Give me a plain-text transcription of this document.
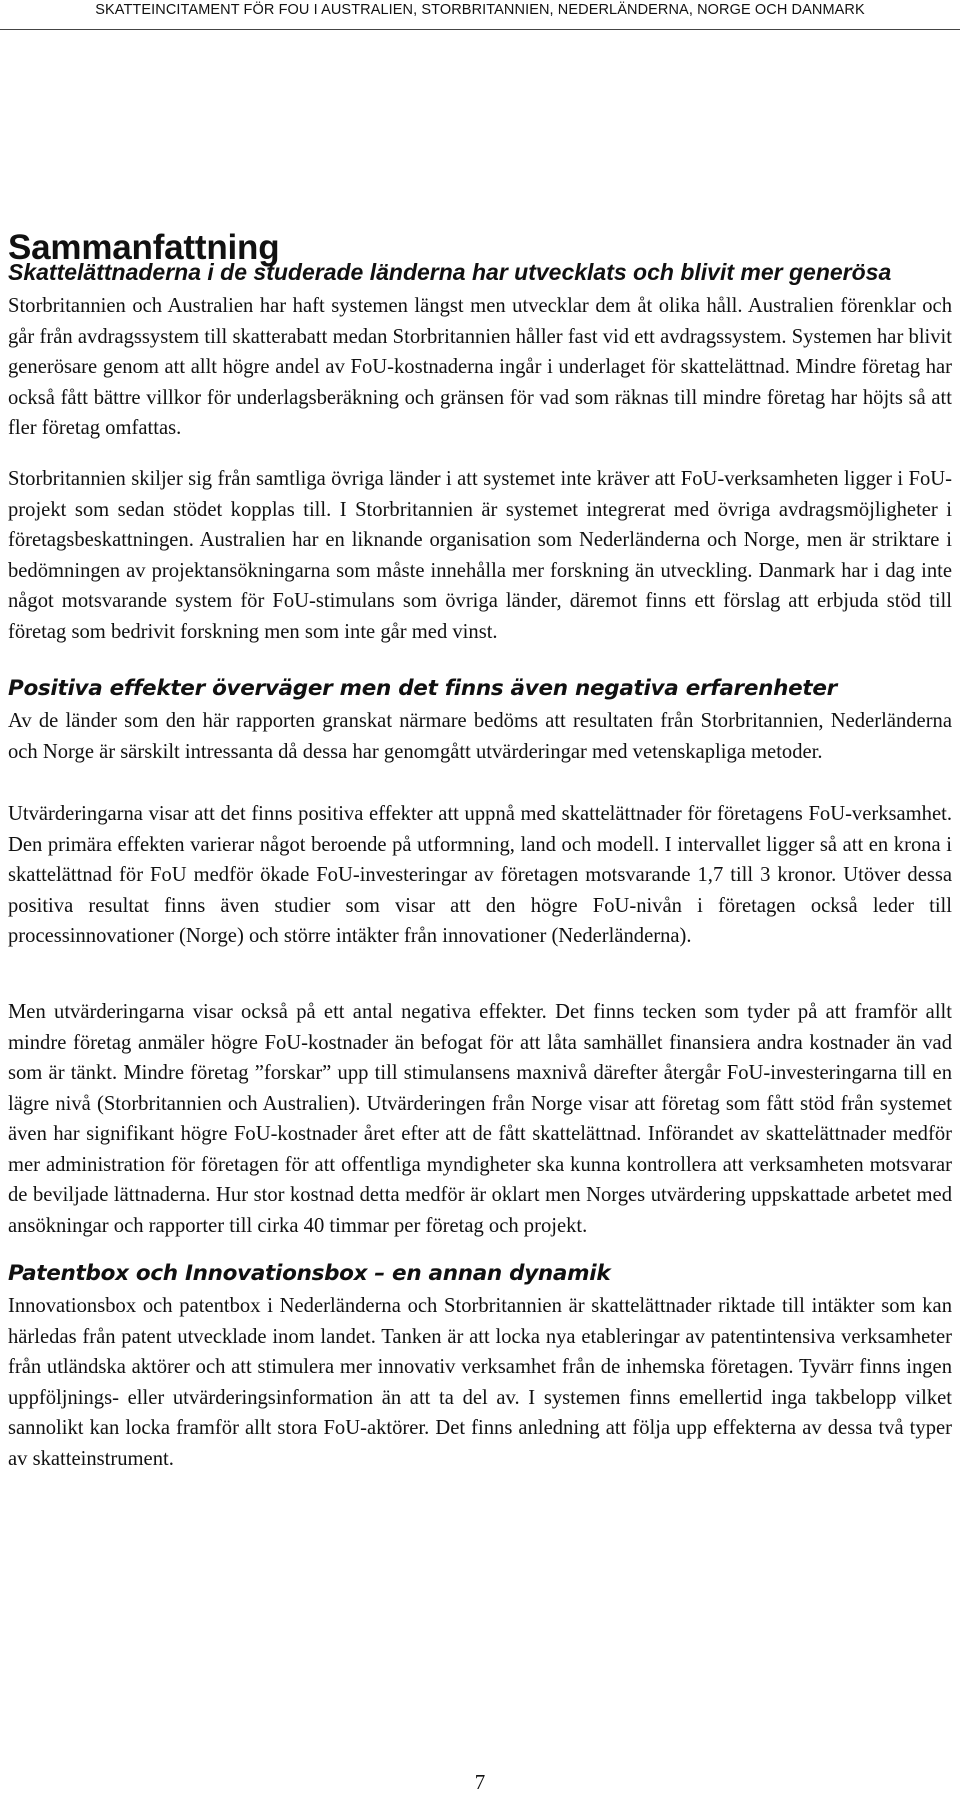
SKATTEINCITAMENT FÖR FOU I AUSTRALIEN, STORBRITANNIEN, NEDERLÄNDERNA, NORGE OCH DANMARK
Sammanfattning
Skattelättnaderna i de studerade länderna har utvecklats och blivit mer generösa

Storbritannien och Australien har haft systemen längst men utvecklar dem åt olika håll. Australien förenklar och går från avdragssystem till skatterabatt medan Storbritannien håller fast vid ett avdragssystem. Systemen har blivit generösare genom att allt högre andel av FoU-kostnaderna ingår i underlaget för skattelättnad. Mindre företag har också fått bättre villkor för underlagsberäkning och gränsen för vad som räknas till mindre företag har höjts så att fler företag omfattas.

Storbritannien skiljer sig från samtliga övriga länder i att systemet inte kräver att FoU-verksamheten ligger i FoU-projekt som sedan stödet kopplas till. I Storbritannien är systemet integrerat med övriga avdragsmöjligheter i företagsbeskattningen. Australien har en liknande organisation som Nederländerna och Norge, men är striktare i bedömningen av projektansökningarna som måste innehålla mer forskning än utveckling. Danmark har i dag inte något motsvarande system för FoU-stimulans som övriga länder, däremot finns ett förslag att erbjuda stöd till företag som bedrivit forskning men som inte går med vinst.

Positiva effekter överväger men det finns även negativa erfarenheter

Av de länder som den här rapporten granskat närmare bedöms att resultaten från Storbritannien, Nederländerna och Norge är särskilt intressanta då dessa har genomgått utvärderingar med vetenskapliga metoder.

Utvärderingarna visar att det finns positiva effekter att uppnå med skattelättnader för företagens FoU-verksamhet. Den primära effekten varierar något beroende på utformning, land och modell. I intervallet ligger så att en krona i skattelättnad för FoU medför ökade FoU-investeringar av företagen motsvarande 1,7 till 3 kronor. Utöver dessa positiva resultat finns även studier som visar att den högre FoU-nivån i företagen också leder till processinnovationer (Norge) och större intäkter från innovationer (Nederländerna).

Men utvärderingarna visar också på ett antal negativa effekter. Det finns tecken som tyder på att framför allt mindre företag anmäler högre FoU-kostnader än befogat för att låta samhället finansiera andra kostnader än vad som är tänkt. Mindre företag ”forskar” upp till stimulansens maxnivå därefter återgår FoU-investeringarna till en lägre nivå (Storbritannien och Australien). Utvärderingen från Norge visar att företag som fått stöd från systemet även har signifikant högre FoU-kostnader året efter att de fått skattelättnad. Införandet av skattelättnader medför mer administration för företagen för att offentliga myndigheter ska kunna kontrollera att verksamheten motsvarar de beviljade lättnaderna. Hur stor kostnad detta medför är oklart men Norges utvärdering uppskattade arbetet med ansökningar och rapporter till cirka 40 timmar per företag och projekt.

Patentbox och Innovationsbox – en annan dynamik

Innovationsbox och patentbox i Nederländerna och Storbritannien är skattelättnader riktade till intäkter som kan härledas från patent utvecklade inom landet. Tanken är att locka nya etableringar av patentintensiva verksamheter från utländska aktörer och att stimulera mer innovativ verksamhet från de inhemska företagen. Tyvärr finns ingen uppföljnings- eller utvärderingsinformation än att ta del av. I systemen finns emellertid inga takbelopp vilket sannolikt kan locka framför allt stora FoU-aktörer. Det finns anledning att följa upp effekterna av dessa två typer av skatteinstrument.

7
